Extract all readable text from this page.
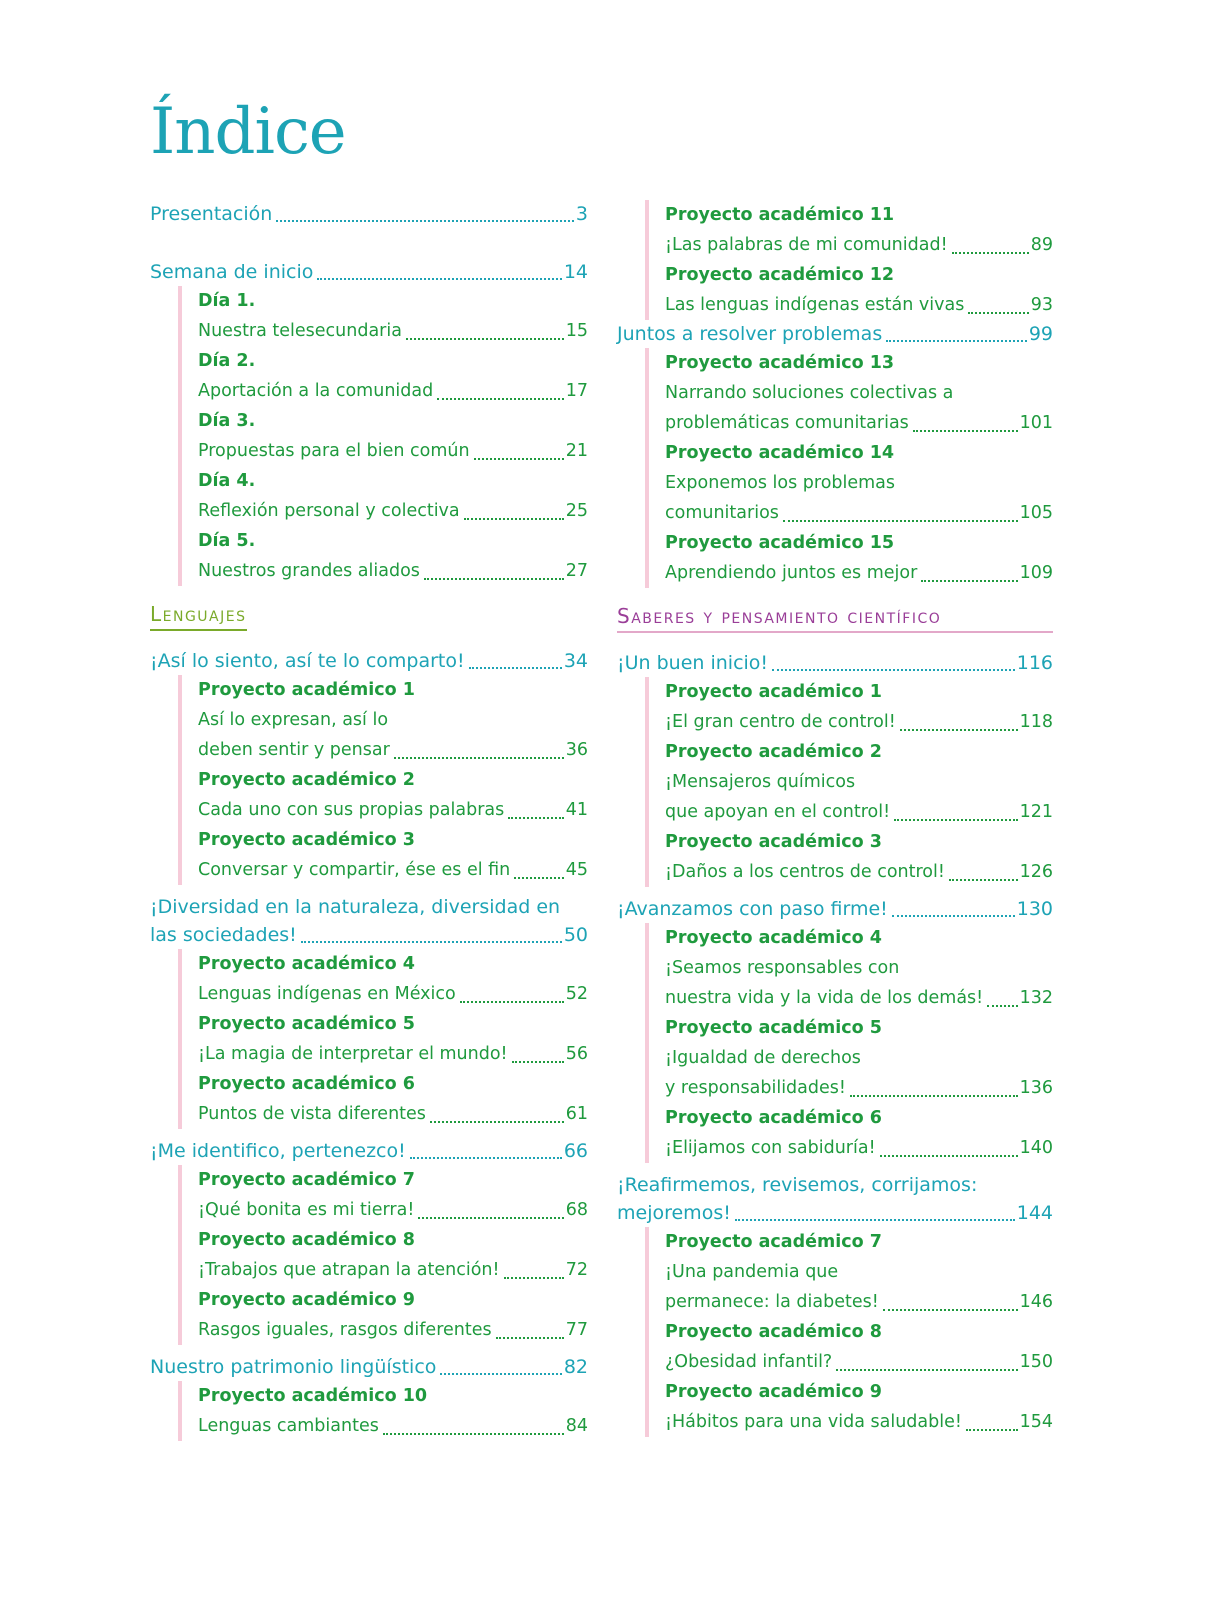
Índice
Presentación	3
Semana de inicio	14
Día 1.
Nuestra telesecundaria	15
Día 2.
Aportación a la comunidad	17
Día 3.
Propuestas para el bien común	21
Día 4.
Reflexión personal y colectiva	25
Día 5.
Nuestros grandes aliados	27
Lenguajes
¡Así lo siento, así te lo comparto!	34
Proyecto académico 1
Así lo expresan, así lo
deben sentir y pensar	36
Proyecto académico 2
Cada uno con sus propias palabras	41
Proyecto académico 3
Conversar y compartir, ése es el fin	45
¡Diversidad en la naturaleza, diversidad en
las sociedades!	50
Proyecto académico 4
Lenguas indígenas en México	52
Proyecto académico 5
¡La magia de interpretar el mundo!	56
Proyecto académico 6
Puntos de vista diferentes	61
¡Me identifico, pertenezco!	66
Proyecto académico 7
¡Qué bonita es mi tierra!	68
Proyecto académico 8
¡Trabajos que atrapan la atención!	72
Proyecto académico 9
Rasgos iguales, rasgos diferentes	77
Nuestro patrimonio lingüístico	82
Proyecto académico 10
Lenguas cambiantes	84
Proyecto académico 11
¡Las palabras de mi comunidad!	89
Proyecto académico 12
Las lenguas indígenas están vivas	93
Juntos a resolver problemas	99
Proyecto académico 13
Narrando soluciones colectivas a
problemáticas comunitarias	101
Proyecto académico 14
Exponemos los problemas
comunitarios	105
Proyecto académico 15
Aprendiendo juntos es mejor	109
Saberes y pensamiento científico
¡Un buen inicio!	116
Proyecto académico 1
¡El gran centro de control!	118
Proyecto académico 2
¡Mensajeros químicos
que apoyan en el control!	121
Proyecto académico 3
¡Daños a los centros de control!	126
¡Avanzamos con paso firme!	130
Proyecto académico 4
¡Seamos responsables con
nuestra vida y la vida de los demás! 132
Proyecto académico 5
¡Igualdad de derechos
y responsabilidades!	136
Proyecto académico 6
¡Elijamos con sabiduría!	140
¡Reafirmemos, revisemos, corrijamos:
mejoremos!	144
Proyecto académico 7
¡Una pandemia que
permanece: la diabetes!	146
Proyecto académico 8
¿Obesidad infantil?	150
Proyecto académico 9
¡Hábitos para una vida saludable!	154
